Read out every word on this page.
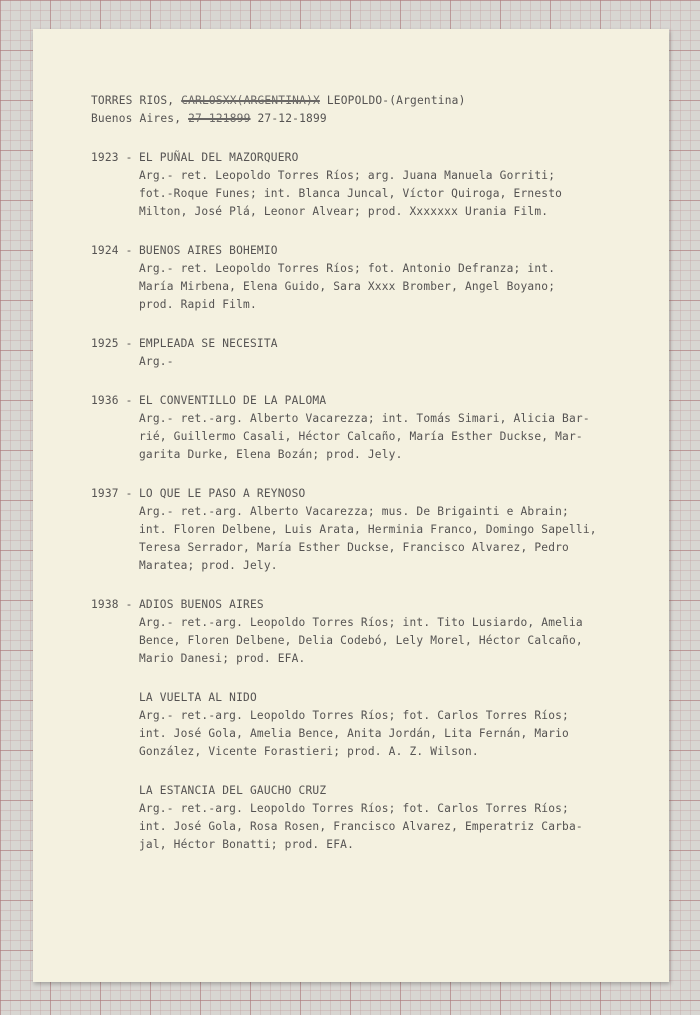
TORRES RIOS, CARLOSXX(ARGENTINA)X LEOPOLDO-(Argentina)
Buenos Aires, 27-121899 27-12-1899
1923 - EL PUÑAL DEL MAZORQUERO
Arg.- ret. Leopoldo Torres Ríos; arg. Juana Manuela Gorriti;
fot.-Roque Funes; int. Blanca Juncal, Víctor Quiroga, Ernesto
Milton, José Plá, Leonor Alvear; prod. Xxxxxxx Urania Film.
1924 - BUENOS AIRES BOHEMIO
Arg.- ret. Leopoldo Torres Ríos; fot. Antonio Defranza; int.
María Mirbena, Elena Guido, Sara Xxxx Bromber, Angel Boyano;
prod. Rapid Film.
1925 - EMPLEADA SE NECESITA
Arg.-
1936 - EL CONVENTILLO DE LA PALOMA
Arg.- ret.-arg. Alberto Vacarezza; int. Tomás Simari, Alicia Bar-
rié, Guillermo Casali, Héctor Calcaño, María Esther Duckse, Mar-
garita Durke, Elena Bozán; prod. Jely.
1937 - LO QUE LE PASO A REYNOSO
Arg.- ret.-arg. Alberto Vacarezza; mus. De Brigainti e Abrain;
int. Floren Delbene, Luis Arata, Herminia Franco, Domingo Sapelli,
Teresa Serrador, María Esther Duckse, Francisco Alvarez, Pedro
Maratea; prod. Jely.
1938 - ADIOS BUENOS AIRES
Arg.- ret.-arg. Leopoldo Torres Ríos; int. Tito Lusiardo, Amelia
Bence, Floren Delbene, Delia Codebó, Lely Morel, Héctor Calcaño,
Mario Danesi; prod. EFA.
LA VUELTA AL NIDO
Arg.- ret.-arg. Leopoldo Torres Ríos; fot. Carlos Torres Ríos;
int. José Gola, Amelia Bence, Anita Jordán, Lita Fernán, Mario
González, Vicente Forastieri; prod. A. Z. Wilson.
LA ESTANCIA DEL GAUCHO CRUZ
Arg.- ret.-arg. Leopoldo Torres Ríos; fot. Carlos Torres Ríos;
int. José Gola, Rosa Rosen, Francisco Alvarez, Emperatriz Carba-
jal, Héctor Bonatti; prod. EFA.
